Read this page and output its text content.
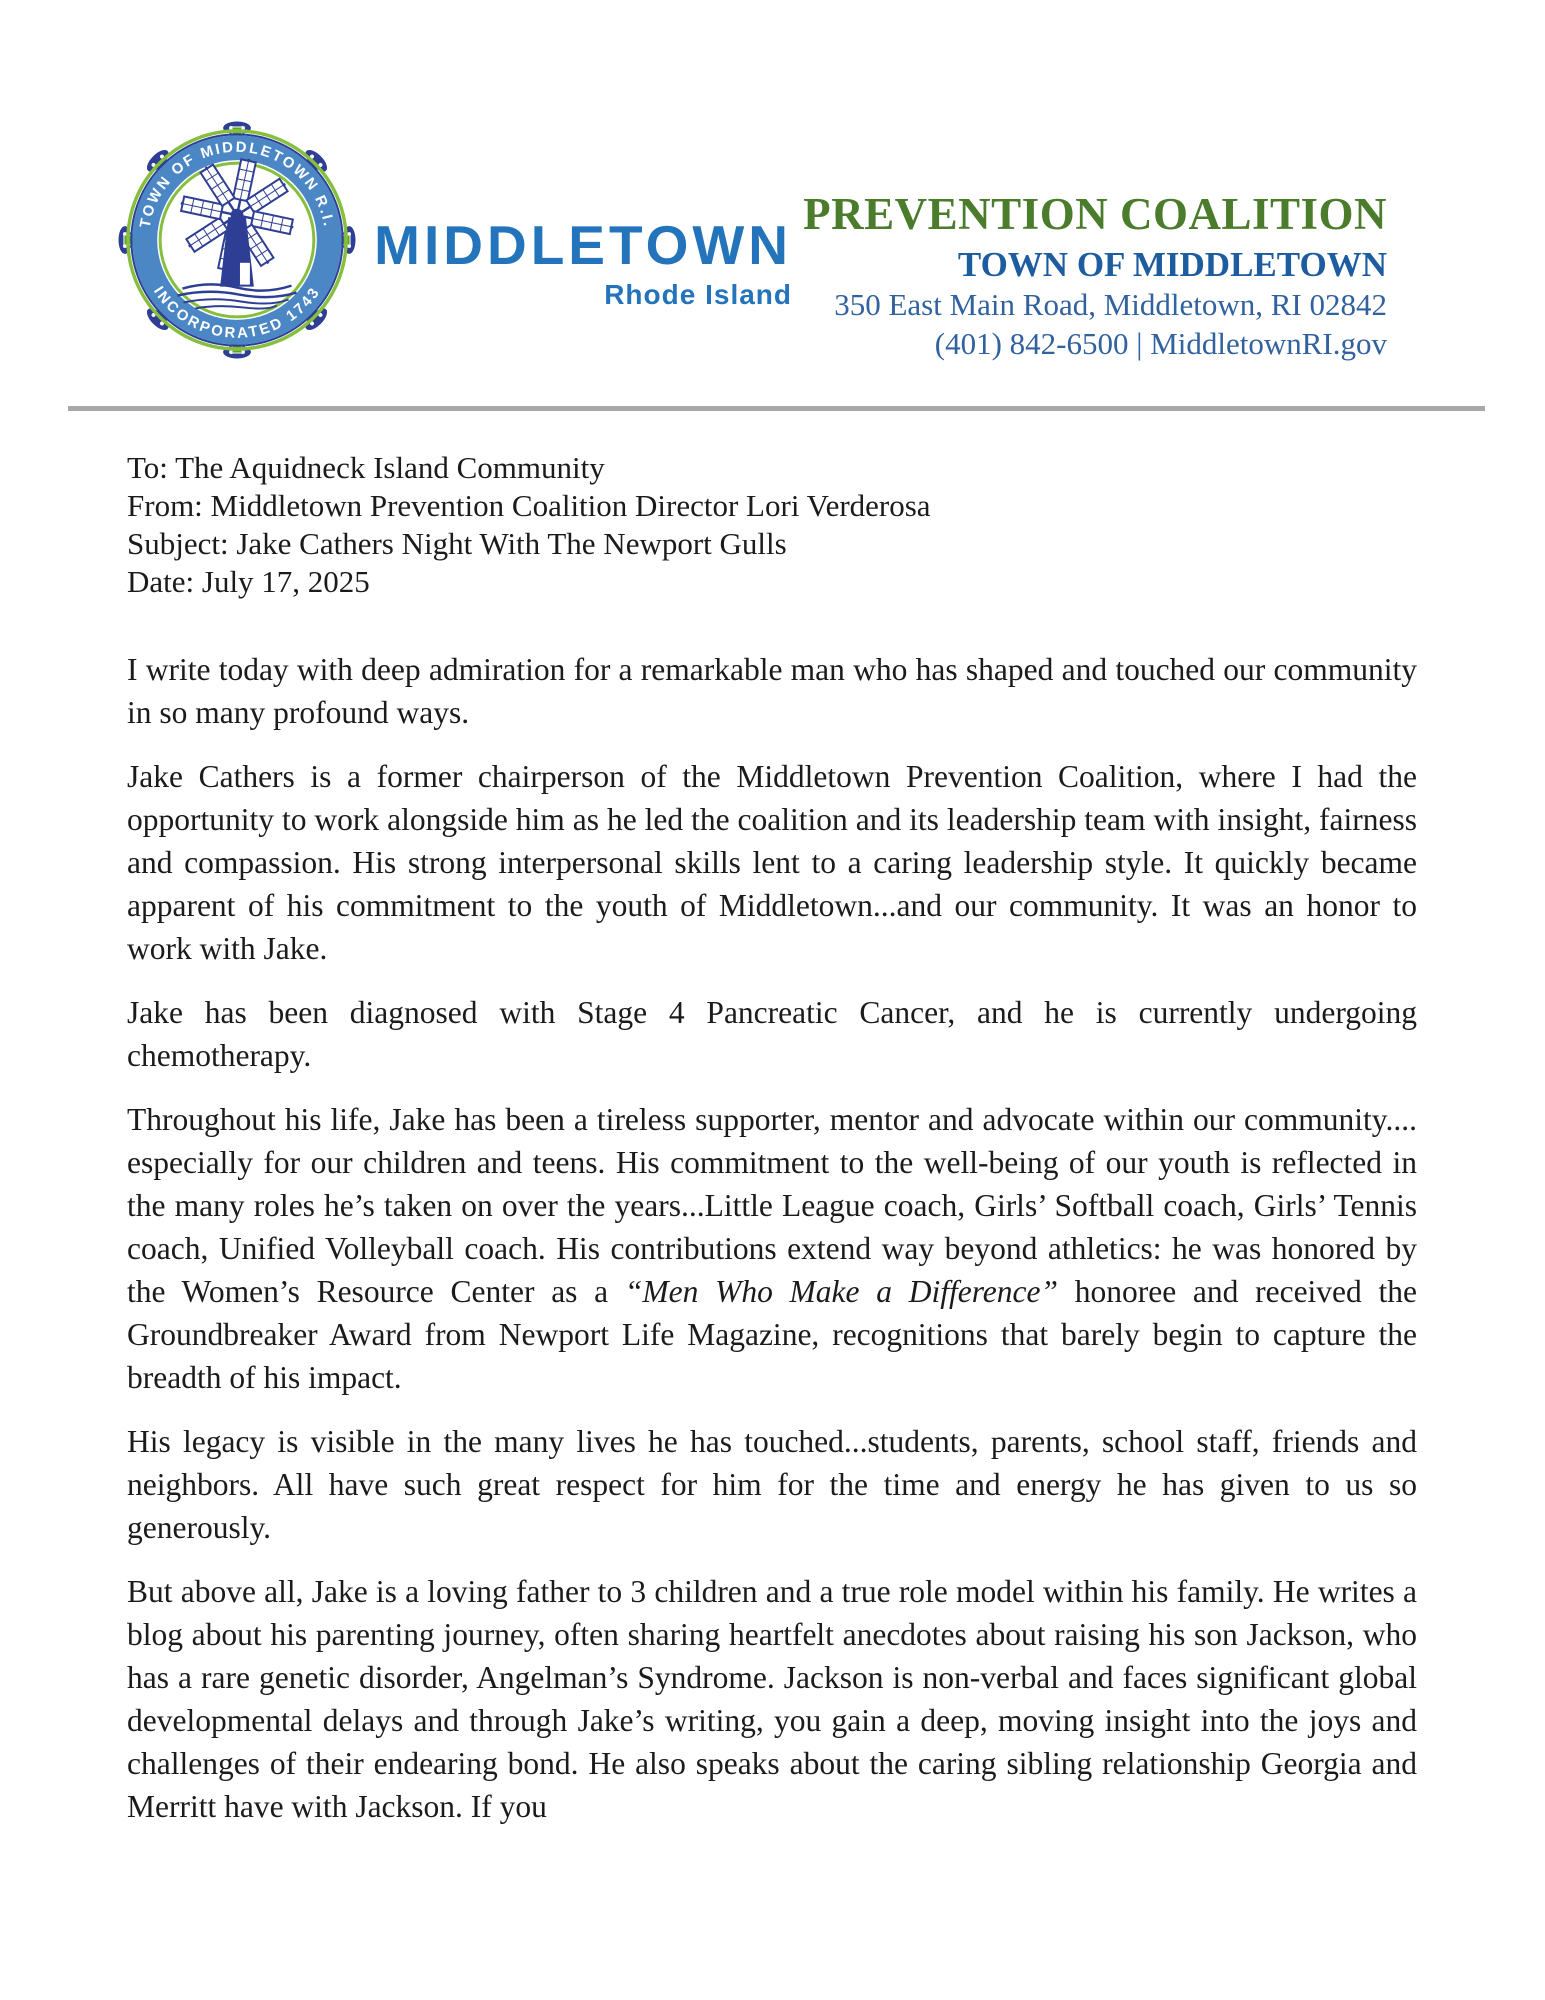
TOWN OF MIDDLETOWN R.I.
INCORPORATED 1743
MIDDLETOWN
Rhode Island
PREVENTION COALITION
TOWN OF MIDDLETOWN
350 East Main Road, Middletown, RI 02842
(401) 842-6500 | MiddletownRI.gov
To: The Aquidneck Island Community
From: Middletown Prevention Coalition Director Lori Verderosa
Subject: Jake Cathers Night With The Newport Gulls
Date: July 17, 2025

I write today with deep admiration for a remarkable man who has shaped and touched our community in so many profound ways.

Jake Cathers is a former chairperson of the Middletown Prevention Coalition, where I had the opportunity to work alongside him as he led the coalition and its leadership team with insight, fairness and compassion. His strong interpersonal skills lent to a caring leadership style. It quickly became apparent of his commitment to the youth of Middletown...and our community. It was an honor to work with Jake.

Jake has been diagnosed with Stage 4 Pancreatic Cancer, and he is currently undergoing chemotherapy.

Throughout his life, Jake has been a tireless supporter, mentor and advocate within our community.... especially for our children and teens. His commitment to the well-being of our youth is reflected in the many roles he’s taken on over the years...Little League coach, Girls’ Softball coach, Girls’ Tennis coach, Unified Volleyball coach. His contributions extend way beyond athletics: he was honored by the Women’s Resource Center as a “Men Who Make a Difference” honoree and received the Groundbreaker Award from Newport Life Magazine, recognitions that barely begin to capture the breadth of his impact.

His legacy is visible in the many lives he has touched...students, parents, school staff, friends and neighbors. All have such great respect for him for the time and energy he has given to us so generously.

But above all, Jake is a loving father to 3 children and a true role model within his family. He writes a blog about his parenting journey, often sharing heartfelt anecdotes about raising his son Jackson, who has a rare genetic disorder, Angelman’s Syndrome. Jackson is non-verbal and faces significant global developmental delays and through Jake’s writing, you gain a deep, moving insight into the joys and challenges of their endearing bond. He also speaks about the caring sibling relationship Georgia and Merritt have with Jackson. If you
